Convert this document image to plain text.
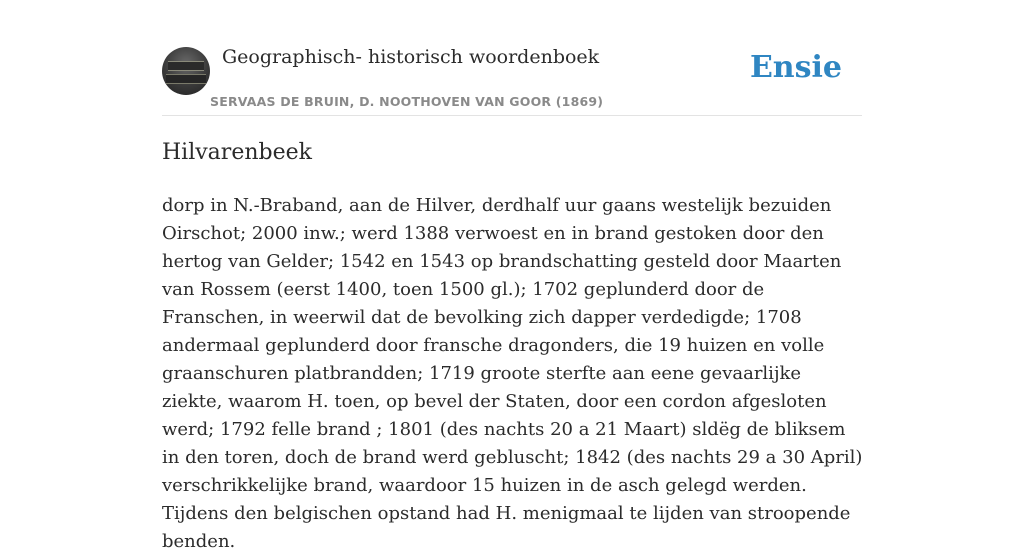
Geographisch- historisch woordenboek
SERVAAS DE BRUIN, D. NOOTHOVEN VAN GOOR (1869)
Ensie
Hilvarenbeek

dorp in N.-Braband, aan de Hilver, derdhalf uur gaans westelijk bezuiden Oirschot; 2000 inw.; werd 1388 verwoest en in brand gestoken door den hertog van Gelder; 1542 en 1543 op brandschatting gesteld door Maarten van Rossem (eerst 1400, toen 1500 gl.); 1702 geplunderd door de Franschen, in weerwil dat de bevolking zich dapper verdedigde; 1708 andermaal geplunderd door fransche dragonders, die 19 huizen en volle graanschuren platbrandden; 1719 groote sterfte aan eene gevaarlijke ziekte, waarom H. toen, op bevel der Staten, door een cordon afgesloten werd; 1792 felle brand ; 1801 (des nachts 20 a 21 Maart) sldëg de bliksem in den toren, doch de brand werd gebluscht; 1842 (des nachts 29 a 30 April) verschrikkelijke brand, waardoor 15 huizen in de asch gelegd werden. Tijdens den belgischen opstand had H. menigmaal te lijden van stroopende benden.
